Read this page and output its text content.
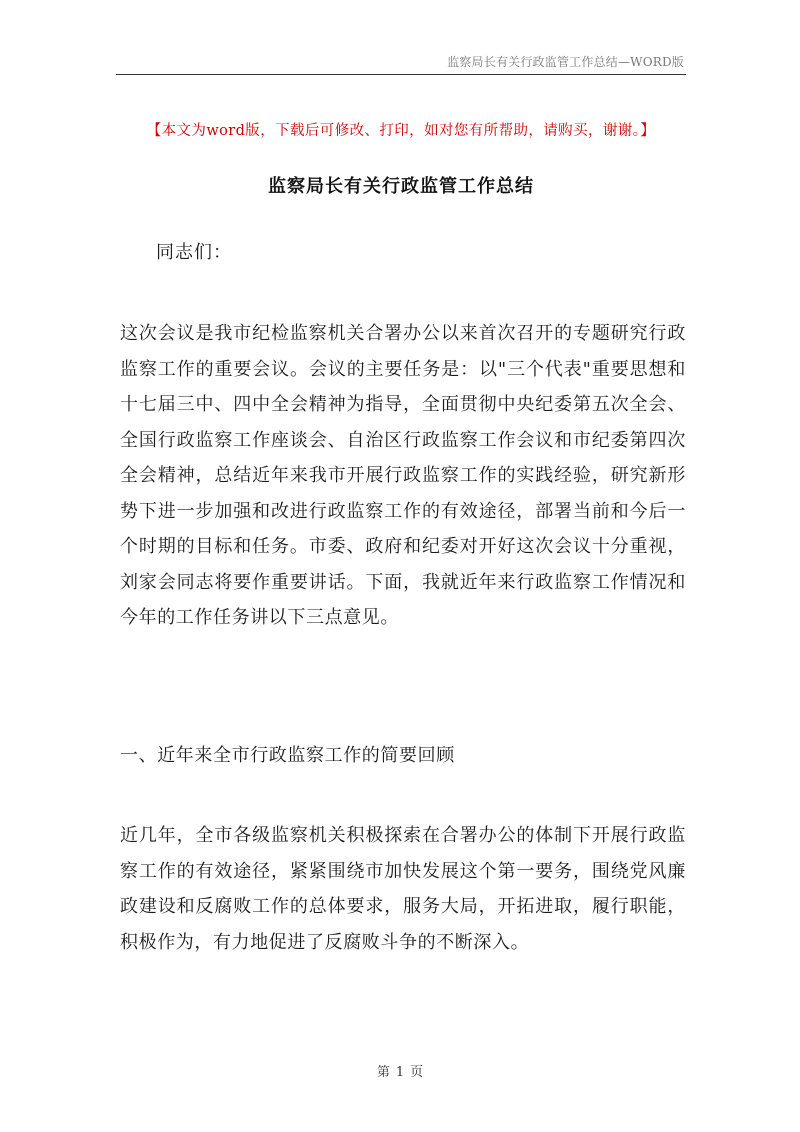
监察局长有关行政监管工作总结—WORD版
【本文为word版，下载后可修改、打印，如对您有所帮助，请购买，谢谢。】
监察局长有关行政监管工作总结
同志们：

这次会议是我市纪检监察机关合署办公以来首次召开的专题研究行政监察工作的重要会议。会议的主要任务是：以"三个代表"重要思想和十七届三中、四中全会精神为指导，全面贯彻中央纪委第五次全会、全国行政监察工作座谈会、自治区行政监察工作会议和市纪委第四次全会精神，总结近年来我市开展行政监察工作的实践经验，研究新形势下进一步加强和改进行政监察工作的有效途径，部署当前和今后一个时期的目标和任务。市委、政府和纪委对开好这次会议十分重视，刘家会同志将要作重要讲话。下面，我就近年来行政监察工作情况和今年的工作任务讲以下三点意见。

一、近年来全市行政监察工作的简要回顾

近几年，全市各级监察机关积极探索在合署办公的体制下开展行政监察工作的有效途径，紧紧围绕市加快发展这个第一要务，围绕党风廉政建设和反腐败工作的总体要求，服务大局，开拓进取，履行职能，积极作为，有力地促进了反腐败斗争的不断深入。

第 1 页
